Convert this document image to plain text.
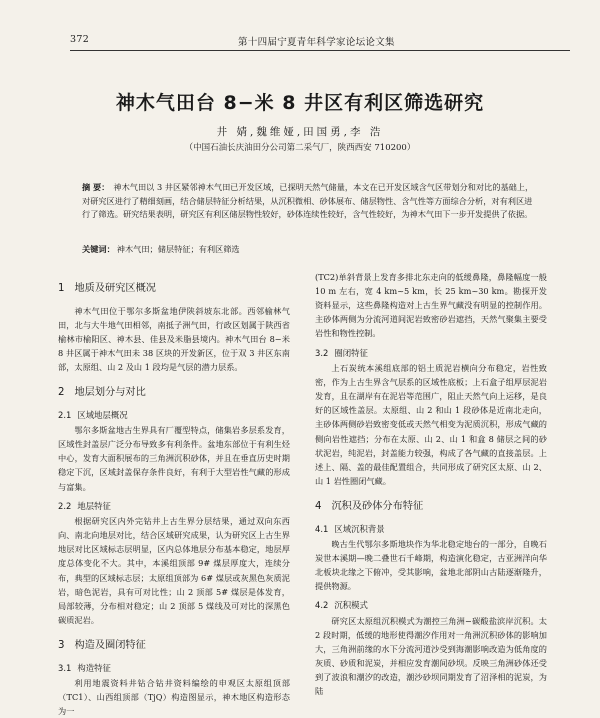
372	第十四届宁夏青年科学家论坛论文集
神木气田台 8−米 8 井区有利区筛选研究
井 婧,魏维娅,田国勇,李 浩
（中国石油长庆油田分公司第二采气厂，陕西西安 710200）
摘 要： 神木气田以 3 井区紧邻神木气田已开发区域，已探明天然气储量，本文在已开发区域含气区带划分和对比的基础上，对研究区进行了精细刻画，结合储层特征分析结果，从沉积微相、砂体展布、储层物性、含气性等方面综合分析，对有利区进行了筛选。研究结果表明，研究区有利区储层物性较好，砂体连续性较好，含气性较好，为神木气田下一步开发提供了依据。
关键词： 神木气田；储层特征；有利区筛选
1 地质及研究区概况

神木气田位于鄂尔多斯盆地伊陕斜坡东北部。西邻榆林气田，北与大牛地气田相邻，南抵子洲气田，行政区划属于陕西省榆林市榆阳区、神木县、佳县及米脂县境内。神木气田台 8−米 8 井区属于神木气田未 38 区块的开发新区，位于双 3 井区东南部，太原组、山 2 及山 1 段均是气层的潜力层系。

2 地层划分与对比
2.1 区域地层概况

鄂尔多斯盆地古生界具有厂覆型特点，储集岩多层系发育，区域性封盖层广泛分布导致多有利条件。盆地东部位于有利生烃中心，发育大面积展布的三角洲沉积砂体，并且在垂直历史时期稳定下沉，区域封盖保存条件良好，有利于大型岩性气藏的形成与富集。

2.2 地层特征

根据研究区内外完钻井上古生界分层结果，通过双向东西向、南北向地层对比，结合区域研究成果，认为研究区上古生界地层对比区域标志层明显，区内总体地层分布基本稳定，地层厚度总体变化不大。其中，本溪组顶部 9# 煤层厚度大，连续分布，典型的区域标志层；太原组顶部为 6# 煤层或灰黑色灰质泥岩，暗色泥岩，具有可对比性；山 2 顶部 5# 煤层是体发育，局部较薄，分布相对稳定；山 2 顶部 5 煤线及可对比的深黑色碳质泥岩。

3 构造及圈闭特征
3.1 构造特征

利用地震资料井钻合钻井资料编绘的申观区太原组顶部（TC1）、山西组顶部（TjQ）构造图显示，神木地区构造形态为一

(TC2)单斜背景上发育多排北东走向的低缓鼻隆，鼻隆幅度一般 10 m 左右，宽 4 km~5 km，长 25 km~30 km。勘探开发资料显示，这些鼻隆构造对上古生界气藏没有明显的控制作用。主砂体两侧为分流河道间泥岩致密砂岩遮挡，天然气聚集主要受岩性和物性控制。

3.2 圈闭特征

上石炭统本溪组底部的铝土质泥岩横向分布稳定，岩性致密，作为上古生界含气层系的区域性底板；上石盒子组厚层泥岩发育，且在湖岸有在泥岩等范围广，阻止天然气向上运移，是良好的区域性盖层。太原组、山 2 和山 1 段砂体是近南北走向，主砂体两侧砂岩致密变低或天然气相变为泥质沉积，形成气藏的侧向岩性遮挡；分布在太原、山 2、山 1 和盒 8 储层之间的砂状泥岩，纯泥岩，封盖能力较强，构成了各气藏的直接盖层。上述上、隔、盖的最佳配置组合，共同形成了研究区太原、山 2、山 1 岩性圈闭气藏。

4 沉积及砂体分布特征
4.1 区域沉积背景

晚古生代鄂尔多斯地块作为华北稳定地台的一部分，自晚石炭世本溪期—晚二叠世石千峰期，构造演化稳定，古亚洲洋向华北板块北缘之下俯冲，受其影响，盆地北部阴山古陆逐渐隆升，提供物源。

4.2 沉积模式

研究区太原组沉积模式为潮控三角洲−碳酸盐滨岸沉积。太 2 段时期，低缓的地形使得潮汐作用对一角洲沉积砂体的影响加大，三角洲前缘的水下分流河道沙受到海潮影响改造为低角度的灰质、砂质和泥炭，并相应发育潮间砂坝。反映三角洲砂体还受到了波浪和潮汐的改造，潮沙砂坝同期发育了沼泽相的泥炭，为陆
